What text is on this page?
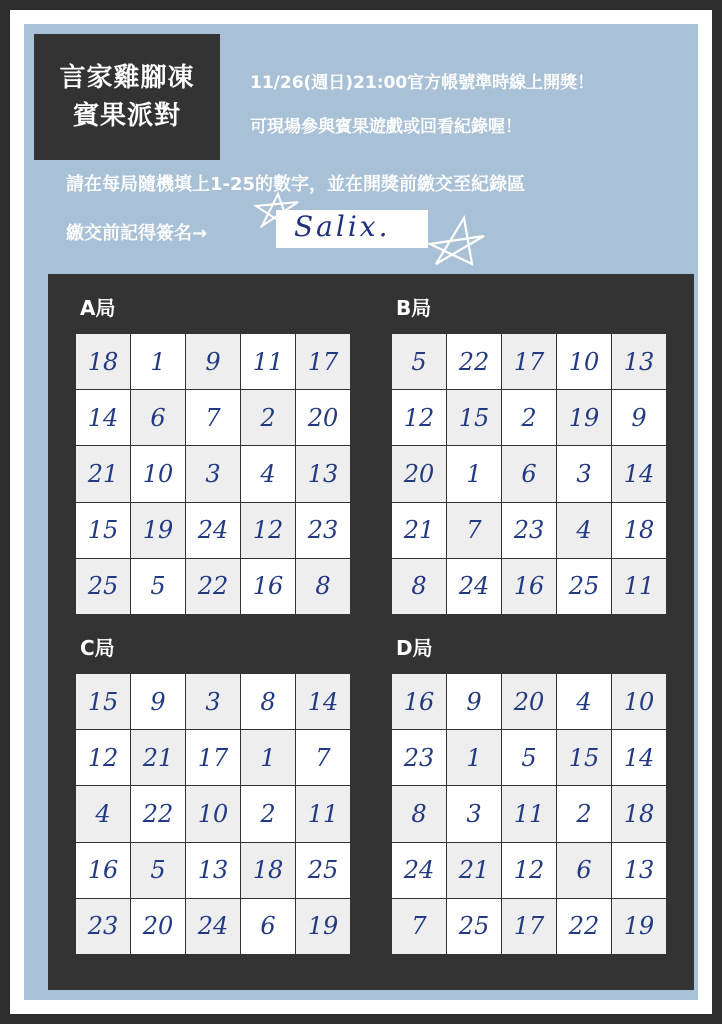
言家雞腳凍
賓果派對
11/26(週日)21:00官方帳號準時線上開獎！
可現場參與賓果遊戲或回看紀錄喔！
請在每局隨機填上1-25的數字，並在開獎前繳交至紀錄區
繳交前記得簽名→	Salix.
A局
18	1	9	11	17
14	6	7	2	20
21	10	3	4	13
15	19	24	12	23
25	5	22	16	8
B局
5	22	17	10	13
12	15	2	19	9
20	1	6	3	14
21	7	23	4	18
8	24	16	25	11
C局
15	9	3	8	14
12	21	17	1	7
4	22	10	2	11
16	5	13	18	25
23	20	24	6	19
D局
16	9	20	4	10
23	1	5	15	14
8	3	11	2	18
24	21	12	6	13
7	25	17	22	19
